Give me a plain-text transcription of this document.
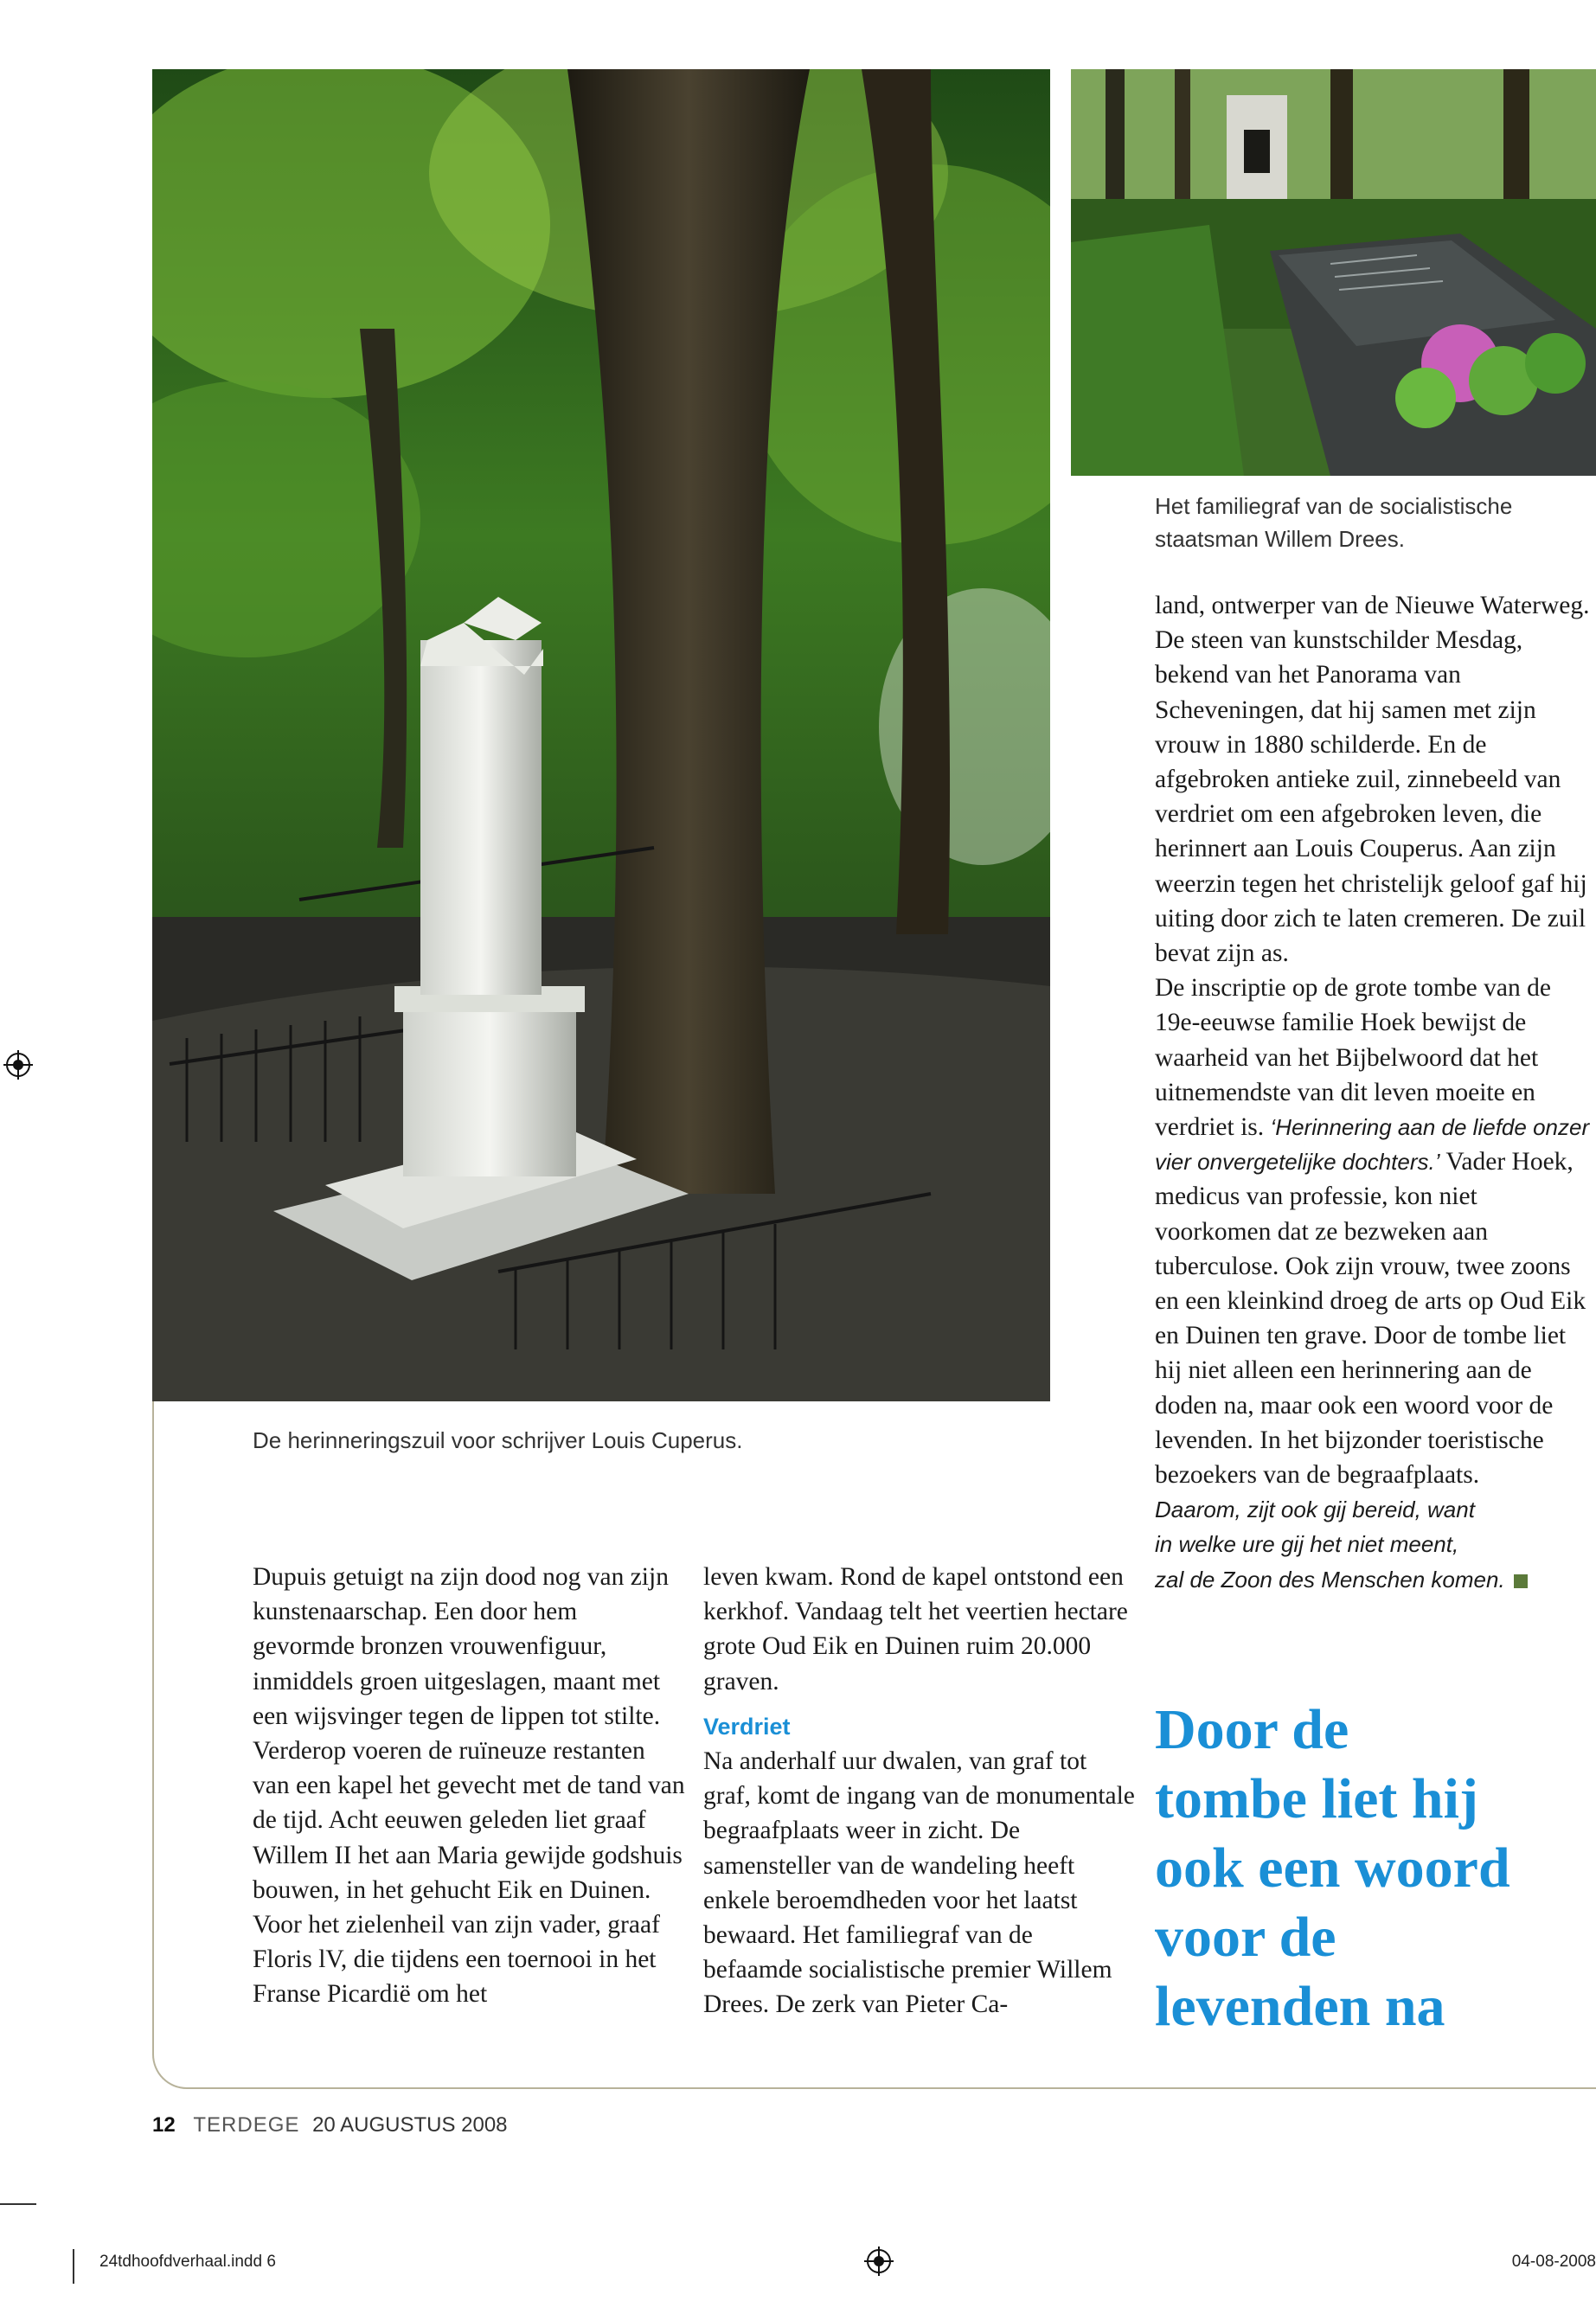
De herinneringszuil voor schrijver Louis Cuperus.
Het familiegraf van de socialistische staatsman Willem Drees.

Dupuis getuigt na zijn dood nog van zijn kunstenaarschap. Een door hem gevormde bronzen vrouwenfiguur, inmiddels groen uitgeslagen, maant met een wijsvinger tegen de lippen tot stilte. Verderop voeren de ruïneuze restanten van een kapel het gevecht met de tand van de tijd. Acht eeuwen geleden liet graaf Willem II het aan Maria gewijde godshuis bouwen, in het gehucht Eik en Duinen. Voor het zielenheil van zijn vader, graaf Floris lV, die tijdens een toernooi in het Franse Picardië om het

leven kwam. Rond de kapel ontstond een kerkhof. Vandaag telt het veertien hectare grote Oud Eik en Duinen ruim 20.000 graven.

Verdriet

Na anderhalf uur dwalen, van graf tot graf, komt de ingang van de monumentale begraafplaats weer in zicht. De samensteller van de wandeling heeft enkele beroemdheden voor het laatst bewaard. Het familiegraf van de befaamde socialistische premier Willem Drees. De zerk van Pieter Ca-

land, ontwerper van de Nieuwe Waterweg. De steen van kunstschilder Mesdag, bekend van het Panorama van Scheveningen, dat hij samen met zijn vrouw in 1880 schilderde. En de afgebroken antieke zuil, zinnebeeld van verdriet om een afgebroken leven, die herinnert aan Louis Couperus. Aan zijn weerzin tegen het christelijk geloof gaf hij uiting door zich te laten cremeren. De zuil bevat zijn as.

De inscriptie op de grote tombe van de 19e-eeuwse familie Hoek bewijst de waarheid van het Bijbelwoord dat het uitnemendste van dit leven moeite en verdriet is. ‘Herinnering aan de liefde onzer vier onvergetelijke dochters.’ Vader Hoek, medicus van professie, kon niet voorkomen dat ze bezweken aan tuberculose. Ook zijn vrouw, twee zoons en een kleinkind droeg de arts op Oud Eik en Duinen ten grave. Door de tombe liet hij niet alleen een herinnering aan de doden na, maar ook een woord voor de levenden. In het bijzonder toeristische bezoekers van de begraafplaats.

Daarom, zijt ook gij bereid, want
in welke ure gij het niet meent,
zal de Zoon des Menschen komen.

Door de
tombe liet hij
ook een woord
voor de
levenden na
12 TERDEGE 20 AUGUSTUS 2008
24tdhoofdverhaal.indd 6	04-08-2008
